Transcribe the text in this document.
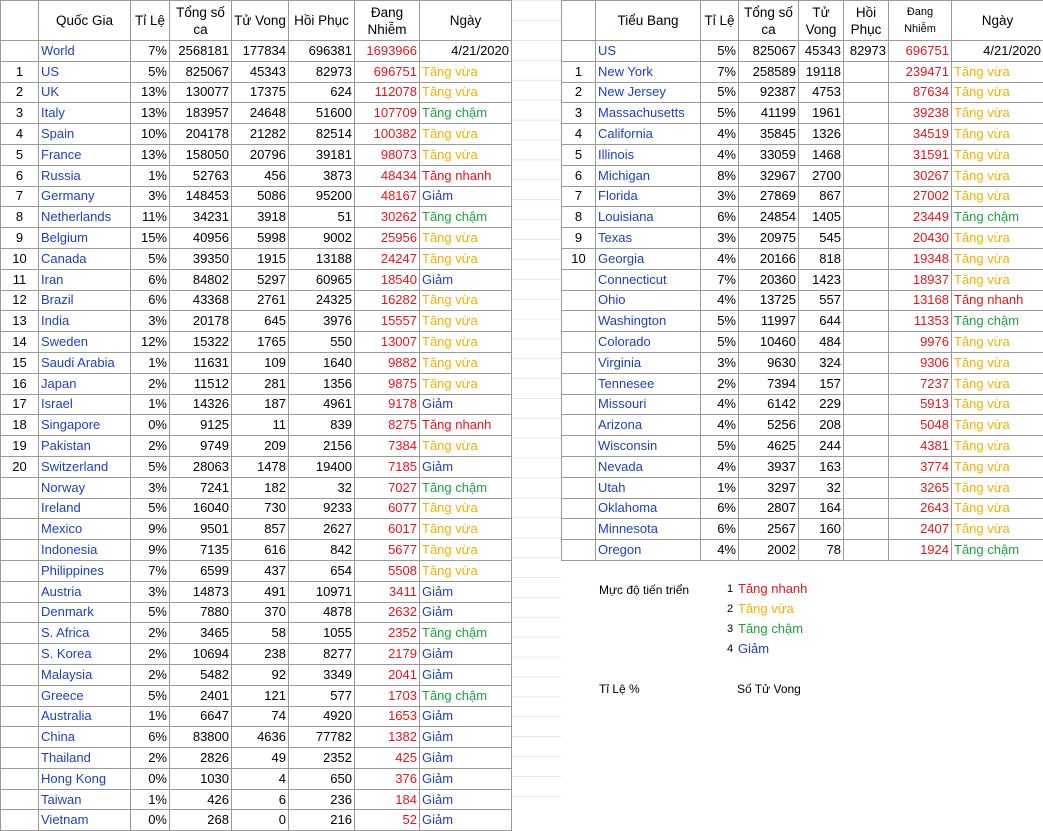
	Quốc Gia	Tỉ Lệ	Tổng số ca	Tử Vong	Hồi Phục	Đang Nhiễm	Ngày
	World	7%	2568181	177834	696381	1693966	4/21/2020
1	US	5%	825067	45343	82973	696751	Tăng vừa
2	UK	13%	130077	17375	624	112078	Tăng vừa
3	Italy	13%	183957	24648	51600	107709	Tăng chậm
4	Spain	10%	204178	21282	82514	100382	Tăng vừa
5	France	13%	158050	20796	39181	98073	Tăng vừa
6	Russia	1%	52763	456	3873	48434	Tăng nhanh
7	Germany	3%	148453	5086	95200	48167	Giảm
8	Netherlands	11%	34231	3918	51	30262	Tăng chậm
9	Belgium	15%	40956	5998	9002	25956	Tăng vừa
10	Canada	5%	39350	1915	13188	24247	Tăng vừa
11	Iran	6%	84802	5297	60965	18540	Giảm
12	Brazil	6%	43368	2761	24325	16282	Tăng vừa
13	India	3%	20178	645	3976	15557	Tăng vừa
14	Sweden	12%	15322	1765	550	13007	Tăng vừa
15	Saudi Arabia	1%	11631	109	1640	9882	Tăng vừa
16	Japan	2%	11512	281	1356	9875	Tăng vừa
17	Israel	1%	14326	187	4961	9178	Giảm
18	Singapore	0%	9125	11	839	8275	Tăng nhanh
19	Pakistan	2%	9749	209	2156	7384	Tăng vừa
20	Switzerland	5%	28063	1478	19400	7185	Giảm
	Norway	3%	7241	182	32	7027	Tăng chậm
	Ireland	5%	16040	730	9233	6077	Tăng vừa
	Mexico	9%	9501	857	2627	6017	Tăng vừa
	Indonesia	9%	7135	616	842	5677	Tăng vừa
	Philippines	7%	6599	437	654	5508	Tăng vừa
	Austria	3%	14873	491	10971	3411	Giảm
	Denmark	5%	7880	370	4878	2632	Giảm
	S. Africa	2%	3465	58	1055	2352	Tăng chậm
	S. Korea	2%	10694	238	8277	2179	Giảm
	Malaysia	2%	5482	92	3349	2041	Giảm
	Greece	5%	2401	121	577	1703	Tăng chậm
	Australia	1%	6647	74	4920	1653	Giảm
	China	6%	83800	4636	77782	1382	Giảm
	Thailand	2%	2826	49	2352	425	Giảm
	Hong Kong	0%	1030	4	650	376	Giảm
	Taiwan	1%	426	6	236	184	Giảm
	Vietnam	0%	268	0	216	52	Giảm
	Tiểu Bang	Tỉ Lệ	Tổng số ca	Tử Vong	Hồi Phục	Đang Nhiễm	Ngày
	US	5%	825067	45343	82973	696751	4/21/2020
1	New York	7%	258589	19118		239471	Tăng vừa
2	New Jersey	5%	92387	4753		87634	Tăng vừa
3	Massachusetts	5%	41199	1961		39238	Tăng vừa
4	California	4%	35845	1326		34519	Tăng vừa
5	Illinois	4%	33059	1468		31591	Tăng vừa
6	Michigan	8%	32967	2700		30267	Tăng vừa
7	Florida	3%	27869	867		27002	Tăng vừa
8	Louisiana	6%	24854	1405		23449	Tăng chậm
9	Texas	3%	20975	545		20430	Tăng vừa
10	Georgia	4%	20166	818		19348	Tăng vừa
	Connecticut	7%	20360	1423		18937	Tăng vừa
	Ohio	4%	13725	557		13168	Tăng nhanh
	Washington	5%	11997	644		11353	Tăng chậm
	Colorado	5%	10460	484		9976	Tăng vừa
	Virginia	3%	9630	324		9306	Tăng vừa
	Tennesee	2%	7394	157		7237	Tăng vừa
	Missouri	4%	6142	229		5913	Tăng vừa
	Arizona	4%	5256	208		5048	Tăng vừa
	Wisconsin	5%	4625	244		4381	Tăng vừa
	Nevada	4%	3937	163		3774	Tăng vừa
	Utah	1%	3297	32		3265	Tăng vừa
	Oklahoma	6%	2807	164		2643	Tăng vừa
	Minnesota	6%	2567	160		2407	Tăng vừa
	Oregon	4%	2002	78		1924	Tăng chậm
Mực độ tiến triển	1 Tăng nhanh
2 Tăng vừa
3 Tăng chậm
4 Giảm
Tỉ Lệ %	Số Tử Vong
